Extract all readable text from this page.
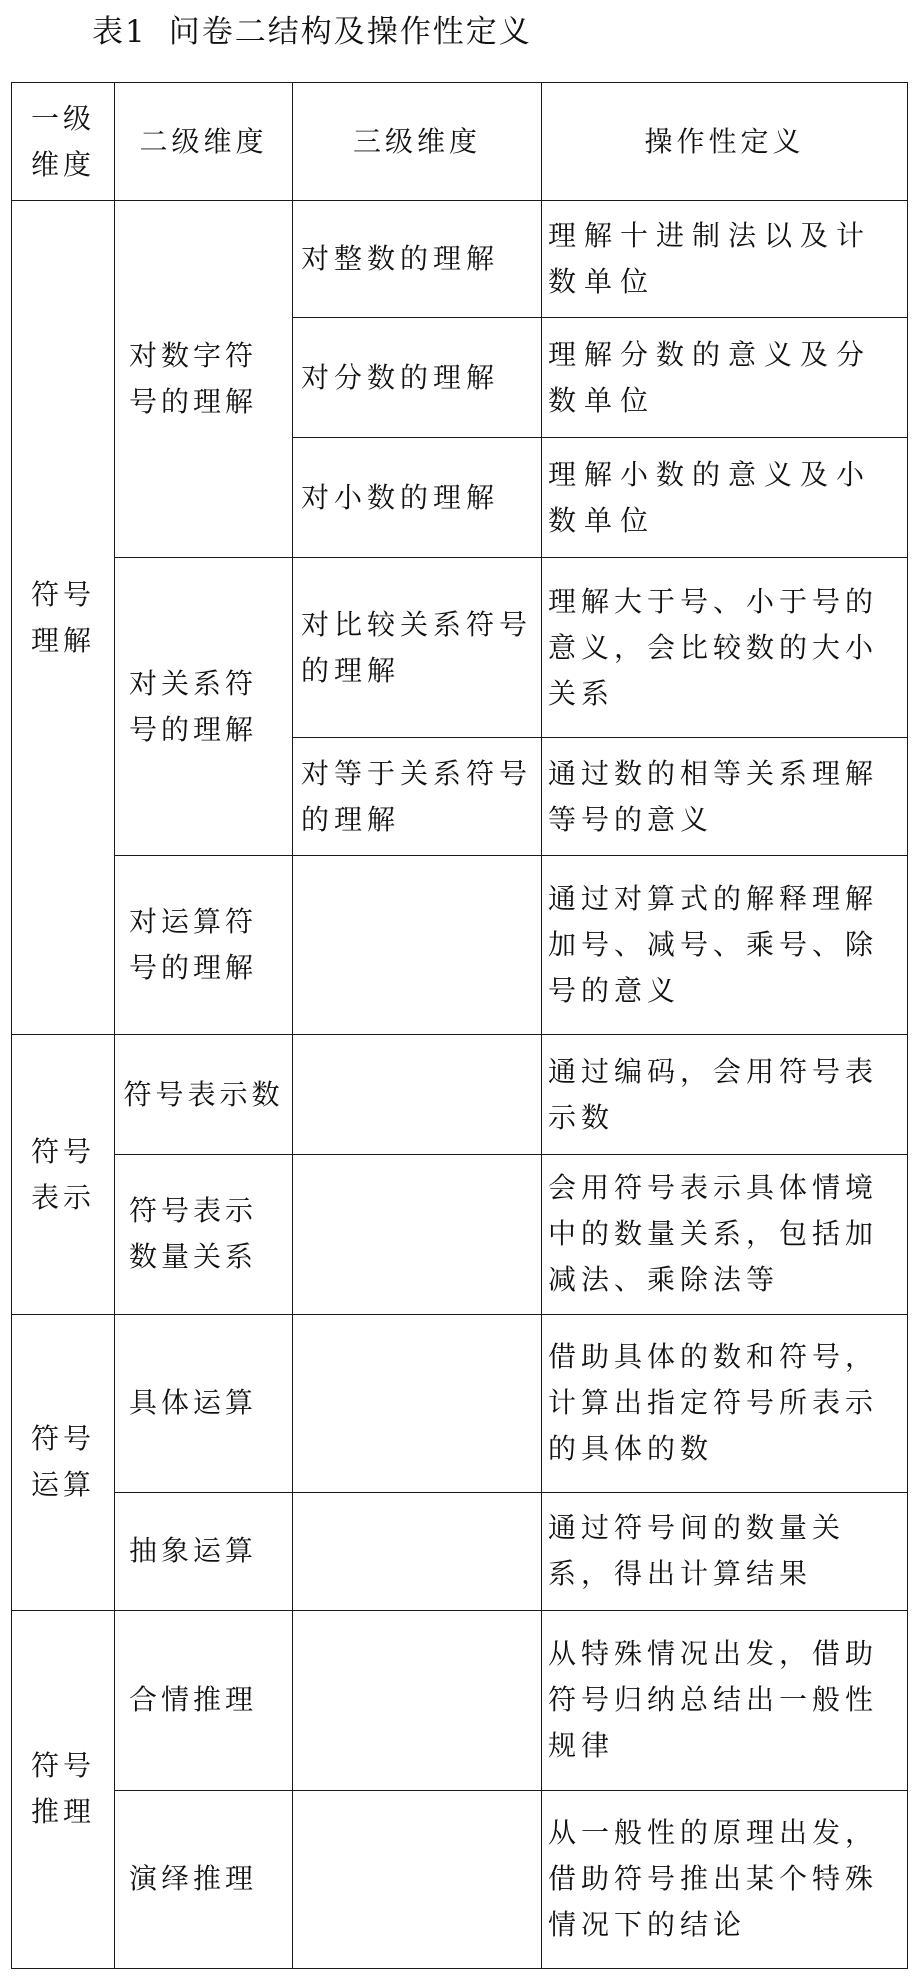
表1 问卷二结构及操作性定义
一级维度	二级维度	三级维度	操作性定义
符号理解	对数字符号的理解	对整数的理解	理解十进制法以及计数单位
		对分数的理解	理解分数的意义及分数单位
		对小数的理解	理解小数的意义及小数单位
	对关系符号的理解	对比较关系符号的理解	理解大于号、小于号的意义，会比较数的大小关系
		对等于关系符号的理解	通过数的相等关系理解等号的意义
	对运算符号的理解		通过对算式的解释理解加号、减号、乘号、除号的意义
符号表示	符号表示数		通过编码，会用符号表示数
	符号表示数量关系		会用符号表示具体情境中的数量关系，包括加减法、乘除法等
符号运算	具体运算		借助具体的数和符号，计算出指定符号所表示的具体的数
	抽象运算		通过符号间的数量关系，得出计算结果
符号推理	合情推理		从特殊情况出发，借助符号归纳总结出一般性规律
	演绎推理		从一般性的原理出发，借助符号推出某个特殊情况下的结论
